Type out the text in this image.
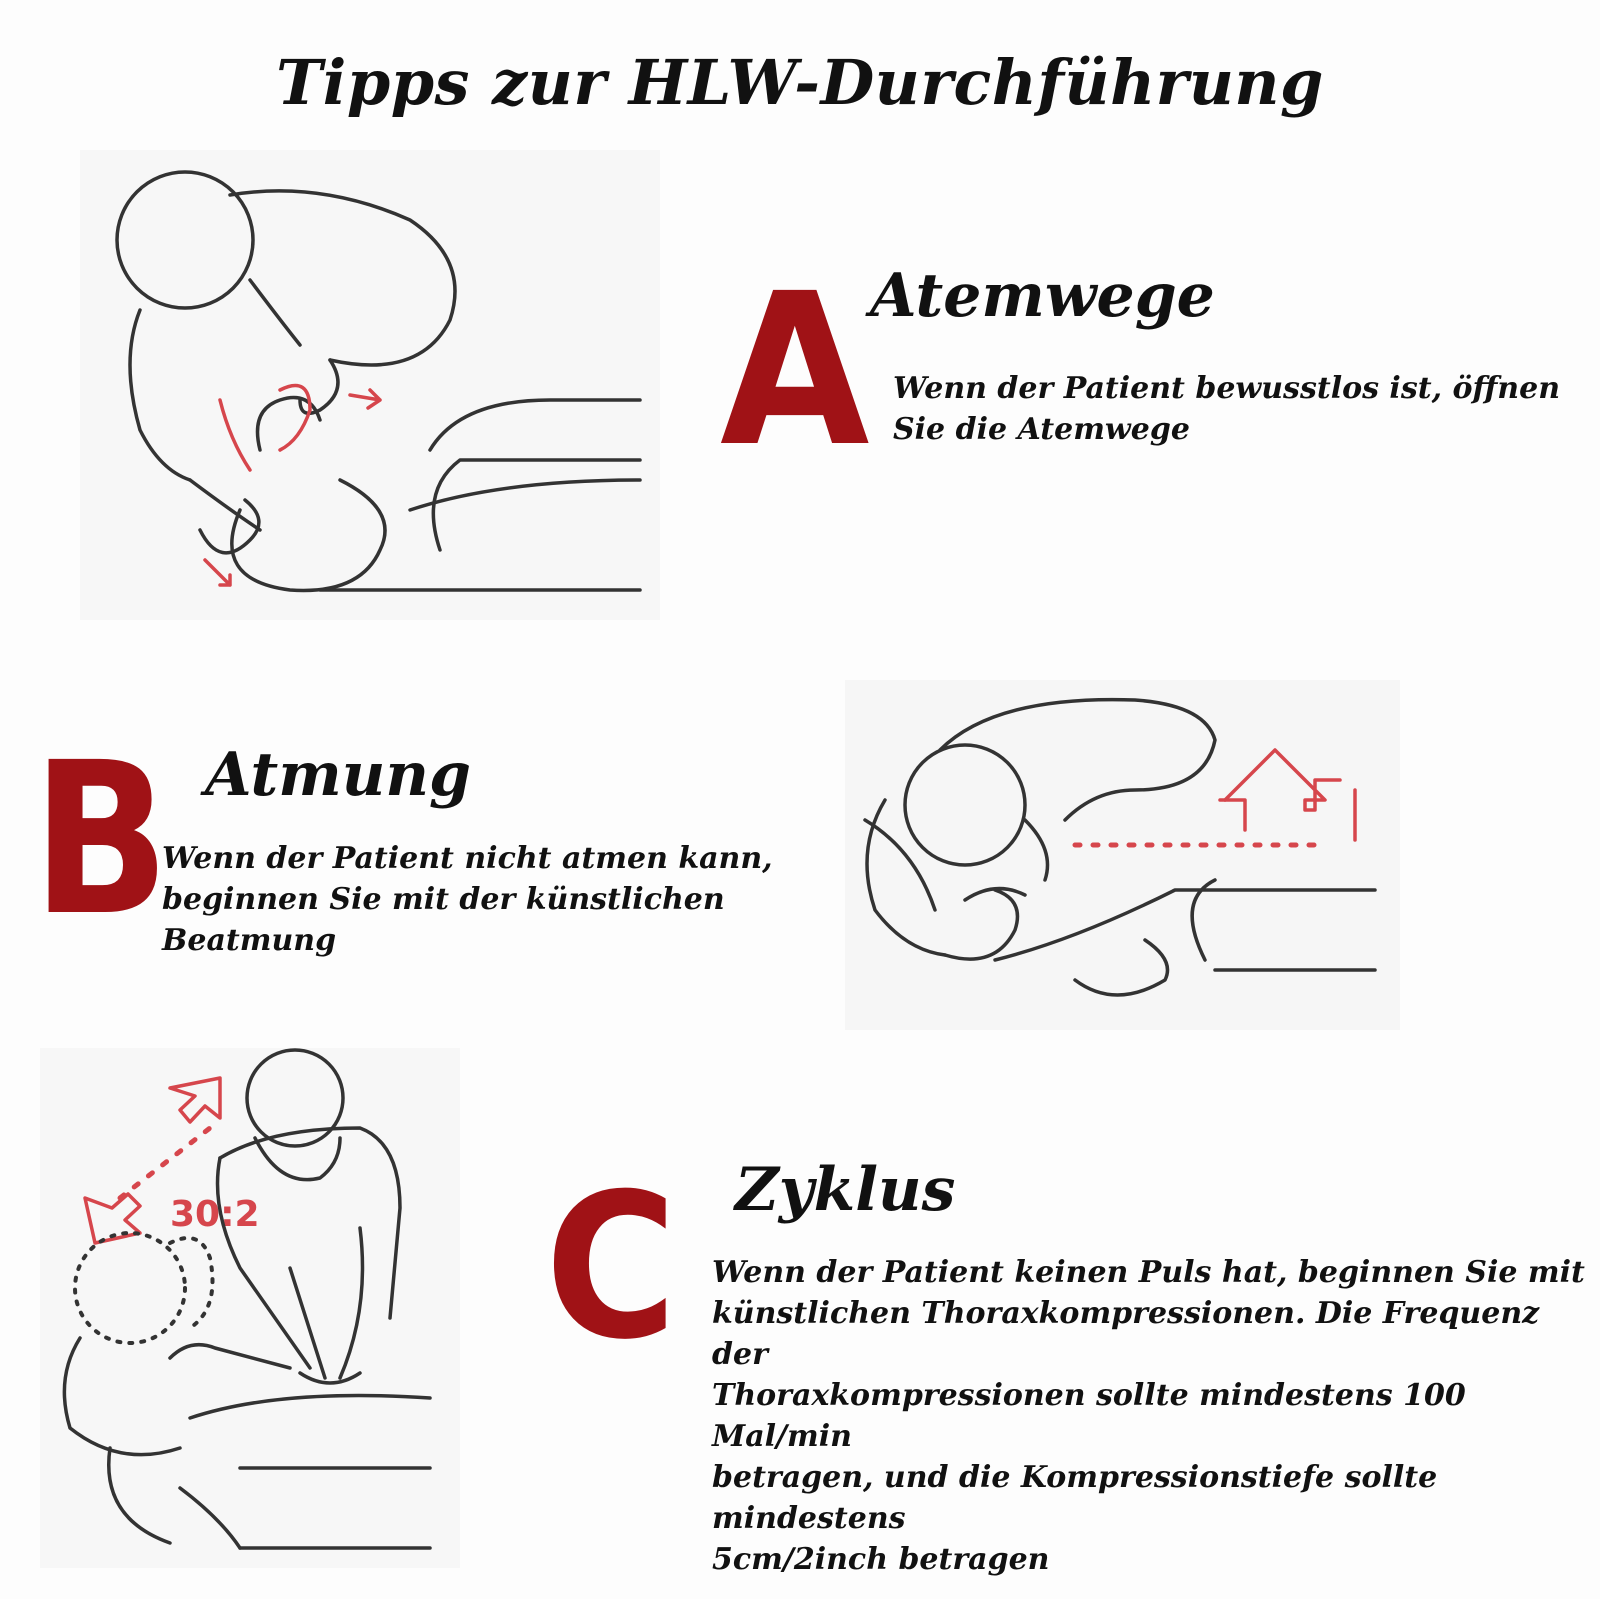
Tipps zur HLW-Durchführung
A Atemwege
Wenn der Patient bewusstlos ist, öffnen
Sie die Atemwege
B Atmung
Wenn der Patient nicht atmen kann,
beginnen Sie mit der künstlichen
Beatmung
30:2 C Zyklus
Wenn der Patient keinen Puls hat, beginnen Sie mit
künstlichen Thoraxkompressionen. Die Frequenz der
Thoraxkompressionen sollte mindestens 100 Mal/min
betragen, und die Kompressionstiefe sollte mindestens
5cm/2inch betragen
